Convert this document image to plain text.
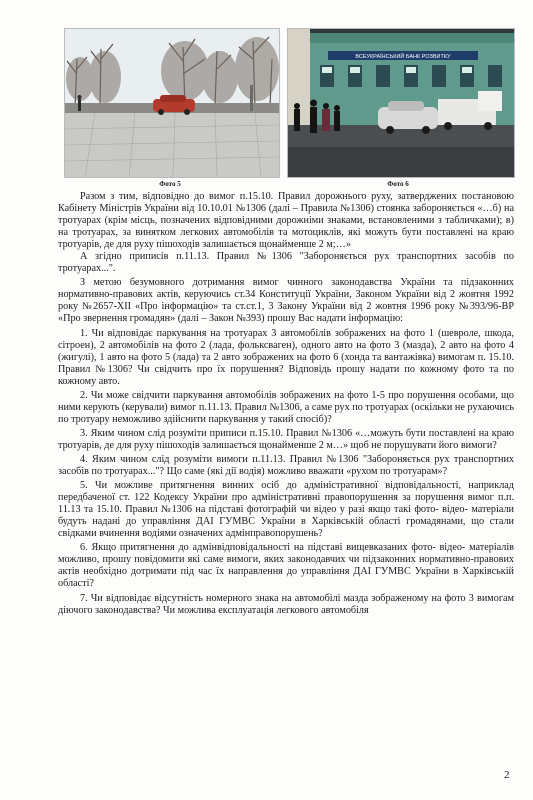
ВСЕУКРАЇНСЬКИЙ БАНК РОЗВИТКУ
Фото 5	Фото 6

Разом з тим, відповідно до вимог п.15.10. Правил дорожнього руху, затверджених постановою Кабінету Міністрів України від 10.10.01 №1306 (далі – Правила №1306) стоянка забороняється «…б) на тротуарах (крім місць, позначених відповідними дорожніми знаками, встановленими з табличками); в) на тротуарах, за винятком легкових автомобілів та мотоциклів, які можуть бути поставлені на краю тротуарів, де для руху пішоходів залишається щонайменше 2 м;…»

А згідно приписів п.11.13. Правил №1306 "Забороняється рух транспортних засобів по тротуарах...".

З метою безумовного дотримання вимог чинного законодавства України та підзаконних нормативно-правових актів, керуючись ст.34 Конституції України, Законом України від 2 жовтня 1992 року №2657-XII «Про інформацію» та ст.ст.1, 3 Закону України від 2 жовтня 1996 року №393/96-ВР «Про звернення громадян» (далі – Закон №393) прошу Вас надати інформацію:

1. Чи відповідає паркування на тротуарах 3 автомобілів зображених на фото 1 (шевроле, шкода, сітроен), 2 автомобілів на фото 2 (лада, фольксваген), одного авто на фото 3 (мазда), 2 авто на фото 4 (жигулі), 1 авто на фото 5 (лада) та 2 авто зображених на фото 6 (хонда та вантажівка) вимогам п. 15.10. Правил №1306? Чи свідчить про їх порушення? Відповідь прошу надати по кожному фото та по кожному авто.

2. Чи може свідчити паркування автомобілів зображених на фото 1-5 про порушення особами, що ними керують (керували) вимог п.11.13. Правил №1306, а саме рух по тротуарах (оскільки не рухаючись по тротуару неможливо здійснити паркування у такий спосіб)?

3. Яким чином слід розуміти приписи п.15.10. Правил №1306 «…можуть бути поставлені на краю тротуарів, де для руху пішоходів залишається щонайменше 2 м…» щоб не порушувати його вимоги?

4. Яким чином слід розуміти вимоги п.11.13. Правил №1306 "Забороняється рух транспортних засобів по тротуарах..."? Що саме (які дії водія) можливо вважати «рухом по тротуарам»?

5. Чи можливе притягнення винних осіб до адміністративної відповідальності, наприклад передбаченої ст. 122 Кодексу України про адміністративні правопорушення за порушення вимог п.п. 11.13 та 15.10. Правил №1306 на підставі фотографій чи відео у разі якщо такі фото- відео- матеріали будуть надані до управління ДАІ ГУМВС України в Харківській області громадянами, що стали свідками вчинення водіями означених адмінправопорушень?

6. Якщо притягнення до адмінвідповідальності на підставі вищевказаних фото- відео- матеріалів можливо, прошу повідомити які саме вимоги, яких законодавчих чи підзаконних нормативно-правових актів необхідно дотримати під час їх направлення до управління ДАІ ГУМВС України в Харківській області?

7. Чи відповідає відсутність номерного знака на автомобілі мазда зображеному на фото 3 вимогам діючого законодавства? Чи можлива експлуатація легкового автомобіля

2
